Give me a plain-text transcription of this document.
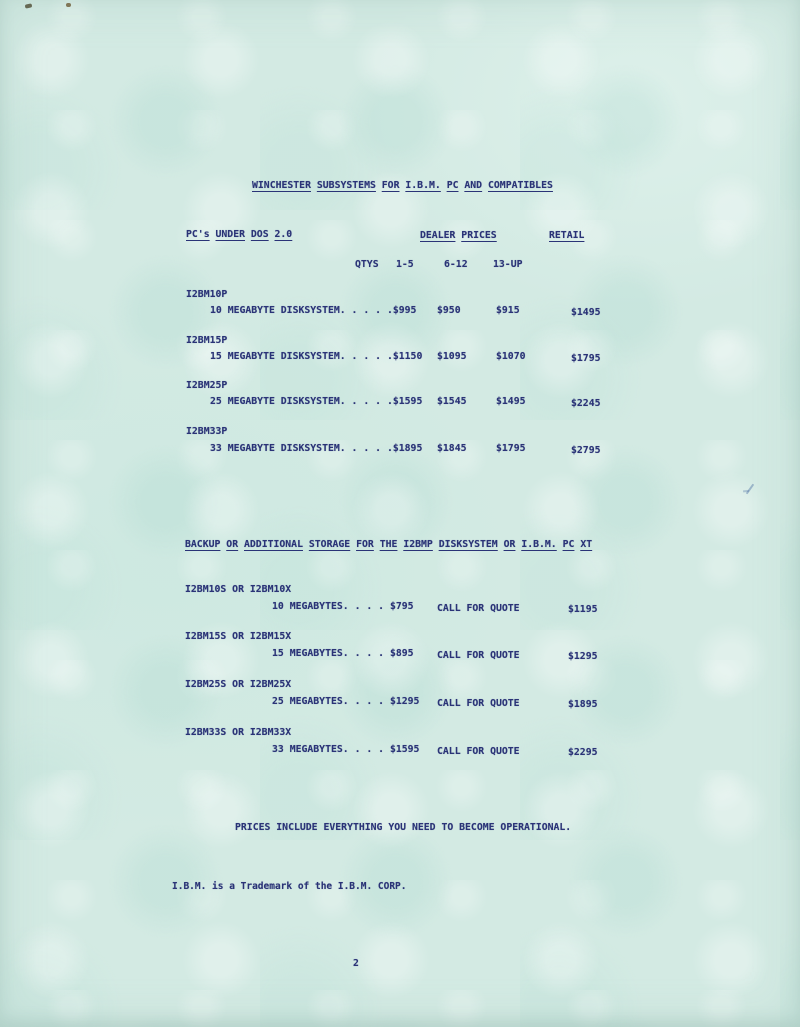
WINCHESTER SUBSYSTEMS FOR I.B.M. PC AND COMPATIBLES
PC's UNDER DOS 2.0	DEALER PRICES	RETAIL
QTYS 1-5	6-12	13-UP
I2BM10P
10 MEGABYTE DISKSYSTEM. . . . .$995 $950	$915	$1495
I2BM15P
15 MEGABYTE DISKSYSTEM. . . . .$1150 $1095	$1070	$1795
I2BM25P
25 MEGABYTE DISKSYSTEM. . . . .$1595 $1545	$1495	$2245
I2BM33P
33 MEGABYTE DISKSYSTEM. . . . .$1895 $1845	$1795	$2795
BACKUP OR ADDITIONAL STORAGE FOR THE I2BMP DISKSYSTEM OR I.B.M. PC XT
I2BM10S OR I2BM10X
10 MEGABYTES. . . . $795 CALL FOR QUOTE	$1195
I2BM15S OR I2BM15X
15 MEGABYTES. . . . $895 CALL FOR QUOTE	$1295
I2BM25S OR I2BM25X
25 MEGABYTES. . . . $1295 CALL FOR QUOTE	$1895
I2BM33S OR I2BM33X
33 MEGABYTES. . . . $1595 CALL FOR QUOTE	$2295
PRICES INCLUDE EVERYTHING YOU NEED TO BECOME OPERATIONAL.
I.B.M. is a Trademark of the I.B.M. CORP.
2
